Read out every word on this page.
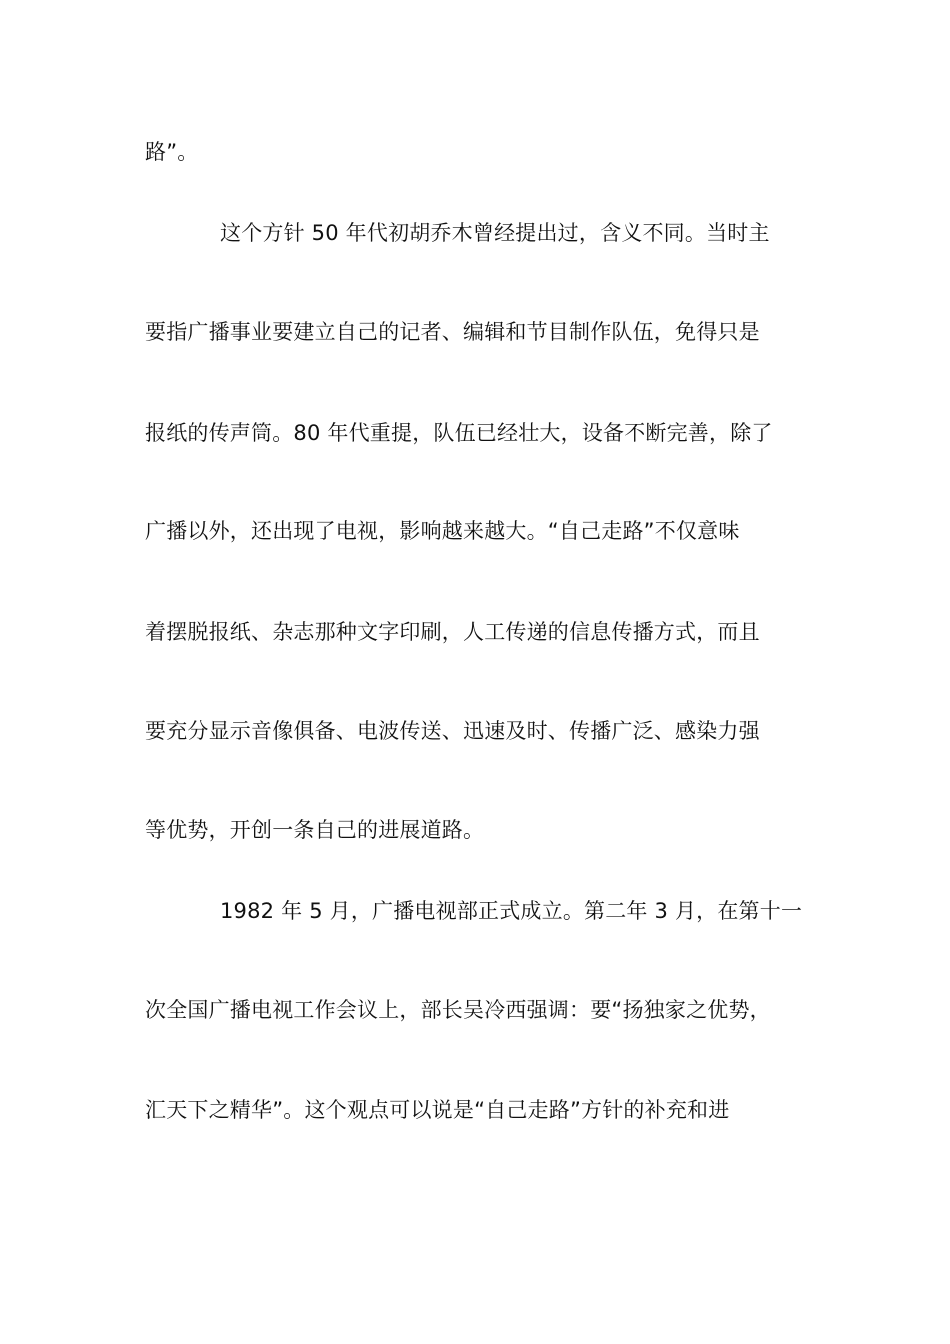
路”。
这个方针 50 年代初胡乔木曾经提出过，含义不同。当时主
要指广播事业要建立自己的记者、编辑和节目制作队伍，免得只是
报纸的传声筒。80 年代重提，队伍已经壮大，设备不断完善，除了
广播以外，还出现了电视，影响越来越大。“自己走路”不仅意味
着摆脱报纸、杂志那种文字印刷，人工传递的信息传播方式，而且
要充分显示音像俱备、电波传送、迅速及时、传播广泛、感染力强
等优势，开创一条自己的进展道路。
1982 年 5 月，广播电视部正式成立。第二年 3 月，在第十一
次全国广播电视工作会议上，部长吴冷西强调：要“扬独家之优势，
汇天下之精华”。这个观点可以说是“自己走路”方针的补充和进
